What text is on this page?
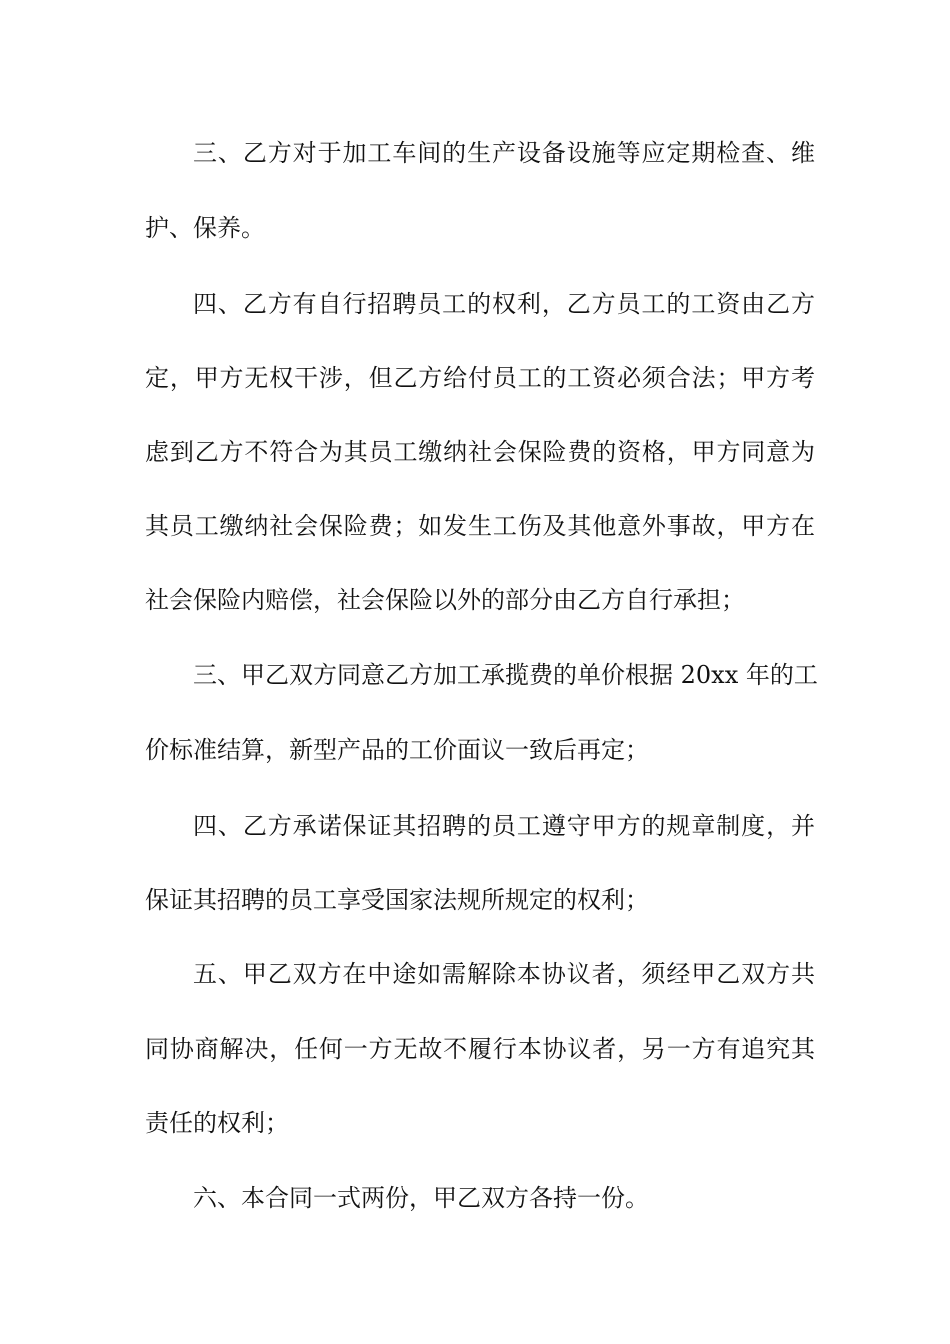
三、乙方对于加工车间的生产设备设施等应定期检查、维
护、保养。
四、乙方有自行招聘员工的权利，乙方员工的工资由乙方
定，甲方无权干涉，但乙方给付员工的工资必须合法；甲方考
虑到乙方不符合为其员工缴纳社会保险费的资格，甲方同意为
其员工缴纳社会保险费；如发生工伤及其他意外事故，甲方在
社会保险内赔偿，社会保险以外的部分由乙方自行承担；
三、甲乙双方同意乙方加工承揽费的单价根据 20xx 年的工
价标准结算，新型产品的工价面议一致后再定；
四、乙方承诺保证其招聘的员工遵守甲方的规章制度，并
保证其招聘的员工享受国家法规所规定的权利；
五、甲乙双方在中途如需解除本协议者，须经甲乙双方共
同协商解决，任何一方无故不履行本协议者，另一方有追究其
责任的权利；
六、本合同一式两份，甲乙双方各持一份。
